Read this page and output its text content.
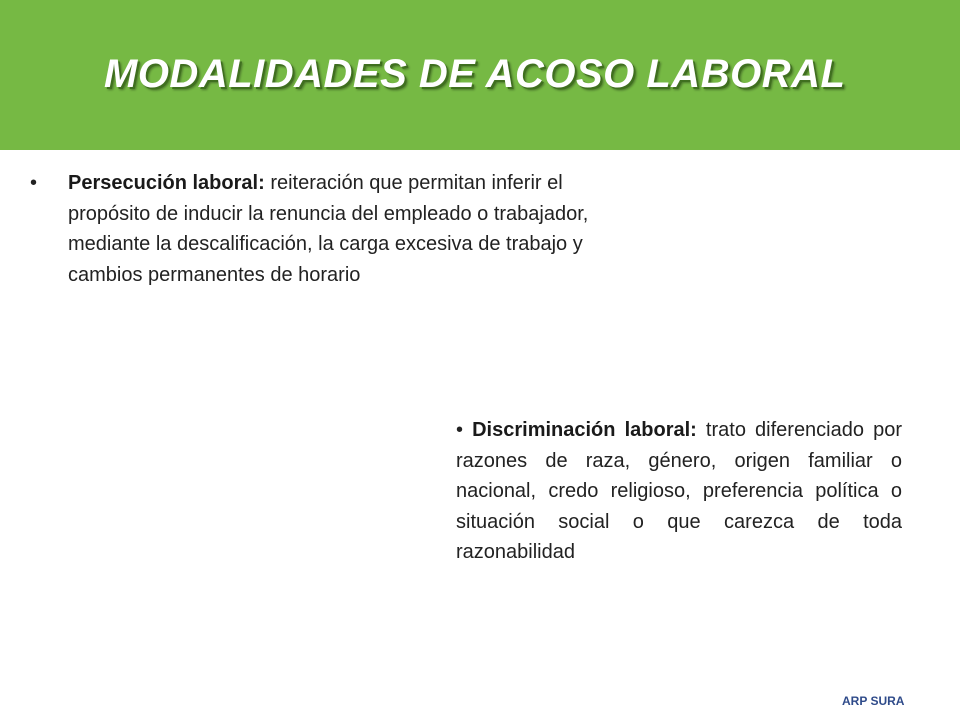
MODALIDADES DE ACOSO LABORAL
•	Persecución laboral: reiteración que permitan inferir el propósito de inducir la renuncia del empleado o trabajador, mediante la descalificación, la carga excesiva de trabajo y cambios permanentes de horario
• Discriminación laboral: trato diferenciado por razones de raza, género, origen familiar o nacional, credo religioso, preferencia política o situación social o que carezca de toda razonabilidad
ARP SURA
